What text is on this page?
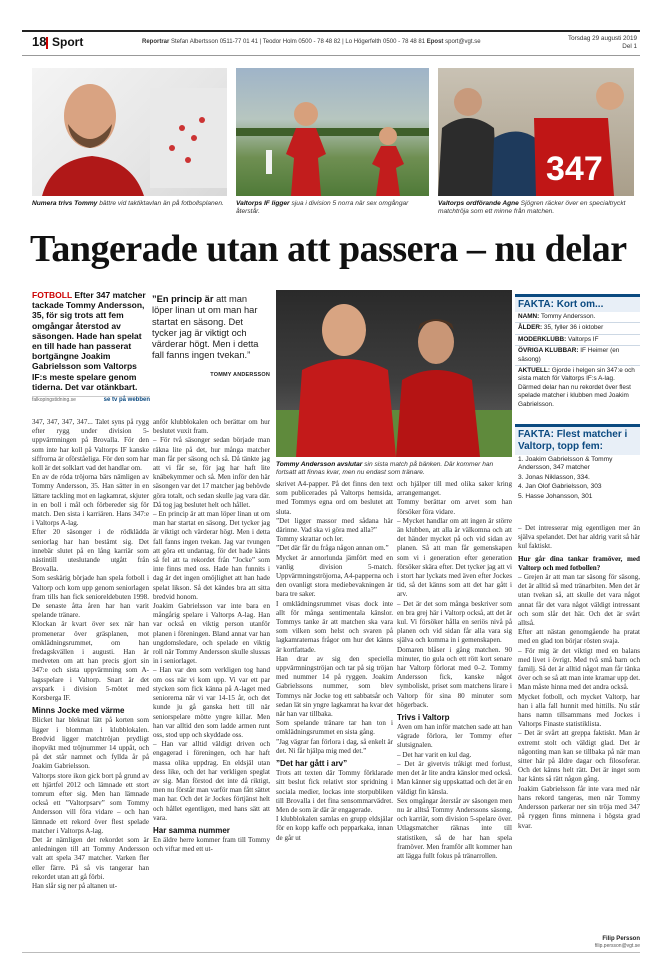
18 Sport	Reportrar Stefan Albertsson 0511-77 01 41 | Teodor Holm 0500 - 78 48 82 | Lo Högerfelth 0500 - 78 48 81 Epost sport@vgt.se	Torsdag 29 augusti 2019
Del 1
Numera trivs Tommy bättre vid taktiktavlan än på fotbollsplanen.	Valtorps IF ligger sjua i division 5 norra när sex omgångar återstår.
347
Valtorps ordförande Agne Sjögren räcker över en specialtryckt matchtröja som ett minne från matchen.
Tangerade utan att passera – nu delar
FOTBOLL Efter 347 matcher tackade Tommy Andersson, 35, för sig trots att fem omgångar återstod av säsongen. Hade han spelat en till hade han passerat bortgängne Joakim Gabrielsson som Valtorps IF:s meste spelare genom tiderna. Det var otänkbart.
falkopingstidning.se	se tv på webben
”En princip är att man löper linan ut om man har startat en säsong. Det tycker jag är viktigt och värderar högt. Men i detta fall fanns ingen tvekan.”
TOMMY ANDERSSON
Tommy Andersson avslutar sin sista match på bänken. Där kommer han fortsatt att finnas kvar, men nu endast som tränare.

347, 347, 347, 347... Talet syns på rygg efter rygg under division 5-uppvärmningen på Brovalla. För den som inte har koll på Valtorps IF kanske siffrorna är oförståeliga. För den som har koll är det solklart vad det handlar om.

En av de róda tröjorna bärs nämligen av Tommy Andersson, 35. Han sätter in en lättare tackling mot en lagkamrat, skjuter in en boll i mål och förbereder sig för match. Den sista i karriären. Hans 347:e i Valtorps A-lag.

Efter 20 säsonger i de rödklädda seniorlag har han bestämt sig. Det innebär slutet på en lång karriär som nästintill uteslutande utgått från Brovalla.

Som seskärig började han spela fotboll i Valtorp och kom upp genom seniorlagen fram tills han fick senioreldebuten 1998. De senaste åtta åren har han varit spelande tränare.

Klockan är kvart över sex när han promenerar över gräsplanen, mot omklädningsrummet, om han fredagskvällen i augusti. Han är medveten om att han precis gjort sin 347:e och sista uppvärmning som A-lagsspelare i Valtorp. Snart är det avspark i division 5-mötet med Korsberga IF.

Minns Jocke med värme

Blicket har bleknat lätt på korten som ligger i blomman i klubblokalen. Bredvid ligger matchtröjan prydligt ihopvikt med tröjnummer 14 uppåt, och på det står namnet och fyllda år på Joakim Gabrielsson.

Valtorps store ikon gick bort på grund av ett hjärtfel 2012 och lämnade ett stort tomrum efter sig. Men han lämnade också ett ”Valtorpsarv” som Tommy Andersson vill föra vidare – och han lämnade ett rekord över flest spelade matcher i Valtorps A-lag.

Det är nämligen det rekordet som är anledningen till att Tommy Andersson valt att spela 347 matcher. Varken fler eller färre. På så vis tangerar han rekordet utan att gå förbi.

Han slår sig ner på altanen ut-

anför klubblokalen och berättar om hur beslutet vuxit fram.

– För två säsonger sedan började man räkna lite på det, hur många matcher man får per säsong och så. Då tänkte jag att vi får se, för jag har haft lite knäbekymmer och så. Men inför den här säsongen var det 17 matcher jag behövde göra totalt, och sedan skulle jag vara där. Då tog jag beslutet helt och hållet.

– En princip är att man löper linan ut om man har startat en säsong. Det tycker jag är viktigt och värderar högt. Men i detta fall fanns ingen tvekan. Jag var tvungen att göra ett undantag, för det hade känts så fel att ta rekordet från ”Jocke” som inte finns med oss. Hade han funnits i dag är det ingen omöjlighet att han hade spelat likson. Så det kändes bra att sitta bredvid honom.

Joakim Gabrielsson var inte bara en mångårig spelare i Valtorps A-lag. Han var också en viktig person utanför planen i föreningen. Bland annat var han ungdomsledare, och spelade en viktig roll när Tommy Andersson skulle slussas in i seniorlaget.

– Han var den som verkligen tog hand om oss när vi kom upp. Vi var ett par stycken som fick känna på A-laget med seniorerna när vi var 14-15 år, och det kunde ju gå ganska hett till när seniorspelare mötte yngre killar. Men han var alltid den som ladde armen runt oss, stod upp och skyddade oss.

– Han var alltid väldigt driven och engagerad i föreningen, och har haft massa olika uppdrag. En eldsjäl utan dess like, och det har verkligen speglat av sig. Man förstod det inte då riktigt, men nu förstår man varför man fått sättet man har. Och det är Jockes förtjänst helt och hållet egentligen, med hans sätt att vara.

Har samma nummer

En äldre herre kommer fram till Tommy och viftar med ett ut-

skrivet A4-papper. På det finns den text som publicerades på Valtorps hemsida, med Tommys egna ord om beslutet att sluta.

”Det ligger massor med sådana här därinne. Vad ska vi göra med alla?”

Tommy skrattar och ler.

”Det där får du fråga någon annan om.”

Mycket är annorlunda jämfört med en vanlig division 5-match. Uppvärmningströjorna, A4-papperna och den ovanligt stora mediebevakningen är bara tre saker.

I omklädningsrummet visas dock inte allt för många sentimentala känslor. Tommys tanke är att matchen ska vara som vilken som helst och svaren på lagkamraternas frågor om hur det känns är kortfattade.

Han drar av sig den speciella uppvärmningströjan och tar på sig tröjan med nummer 14 på ryggen. Joakim Gabrielssons nummer, som blev Tommys när Jocke tog ett sabbatsår och sedan lät sin yngre lagkamrat ha kvar det när han var tillbaka.

Som spelande tränare tar han ton i omklädningsrummet en sista gång.

”Jag vägrar fan förlora i dag, så enkelt är det. Ni får hjälpa mig med det.”

”Det har gått i arv”

Trots att texten där Tommy förklarade sitt beslut fick relativt stor spridning i sociala medier, lockas inte storpubliken till Brovalla i det fina sensommarvädret. Men de som är där är engagerade.

I klubblokalen samlas en grupp eldsjälar för en kopp kaffe och pepparkaka, innan de går ut

och hjälper till med olika saker kring arrangemanget.

Tommy berättar om arvet som han försöker föra vidare.

– Mycket handlar om att ingen är större än klubben, att alla är välkomna och att det händer mycket på och vid sidan av planen. Så att man får gemenskapen som vi i generation efter generation försöker skära efter. Det tycker jag att vi i stort har lyckats med även efter Jockes tid, så det känns som att det har gått i arv.

– Det är det som många beskriver som en bra grej här i Valtorp också, att det är kul. Vi försöker hålla en seriös nivå på planen och vid sidan får alla vara sig själva och komma in i gemenskapen.

Domaren blåser i gång matchen. 90 minuter, tio gula och ett rött kort senare har Valtorp förlorat med 0–2. Tommy Andersson fick, kanske något symboliskt, priset som matchens lirare i Valtorp för sina 80 minuter som högerback.

Trivs i Valtorp

Aven om han inför matchen sade att han vägrade förlora, ler Tommy efter slutsignalen.

– Det har varit en kul dag.

– Det är givetvis tråkigt med forlust, men det är lite andra känslor med också. Man känner sig uppskattad och det är en väldigt fin känsla.

Sex omgångar återstår av säsongen men nu är alltså Tommy Anderssons säsong, och karriär, som division 5-spelare över. Utlagsmatcher räknas inte till statistiken, så de har han spela framöver. Men framför allt kommer han att lägga fullt fokus på tränarrollen.

FAKTA: Kort om...
NAMN: Tommy Andersson.
ÅLDER: 35, fyller 36 i oktober
MODERKLUBB: Valtorps IF
ÖVRIGA KLUBBAR: IF Heimer (en säsong)
AKTUELL: Gjorde i helgen sin 347:e och sista match för Valtorps IF:s A-lag. Därmed delar han nu rekordet över flest spelade matcher i klubben med Joakim Gabrielsson.
FAKTA: Flest matcher i Valtorp, topp fem:
1. Joakim Gabrielsson & Tommy Andersson, 347 matcher
3. Jonas Niklasson, 334.
4. Jan Olof Gabrielsson, 303
5. Hasse Johansson, 301

– Det intresserar mig egentligen mer än själva spelandet. Det har aldrig varit så här kul faktiskt.

Hur går dina tankar framöver, med Valtorp och med fotbollen?

– Grejen är att man tar säsong för säsong, det är alltid så med tränarbiten. Men det är utan tvekan så, att skulle det vara något annat får det vara något väldigt intressant och som slår det här. Och det är svårt alltså.

Efter att nästan genomgående ha pratat med en glad ton börjar rösten svaja.

– För mig är det viktigt med en balans med livet i övrigt. Med två små barn och familj. Så det är alltid något man får tänka över och se så att man inte kramar upp det. Man måste hinna med det andra också.

Mycket fotboll, och mycket Valtorp, har han i alla fall hunnit med hittills. Nu står hans namn tillsammans med Jockes i Valtorps Finaste statistiklista.

– Det är svårt att greppa faktiskt. Man är extremt stolt och väldigt glad. Det är någonting man kan se tillbaka på när man sitter här på äldre dagar och filosoferar. Och det känns helt rätt. Det är inget som har känts så rätt någon gång.

Joakim Gabrielsson får inte vara med när hans rekord tangeras, men när Tommy Andersson parkerar ner sin tröja med 347 på ryggen finns minnena i högsta grad kvar.

Filip Persson
filip.persson@vgt.se
